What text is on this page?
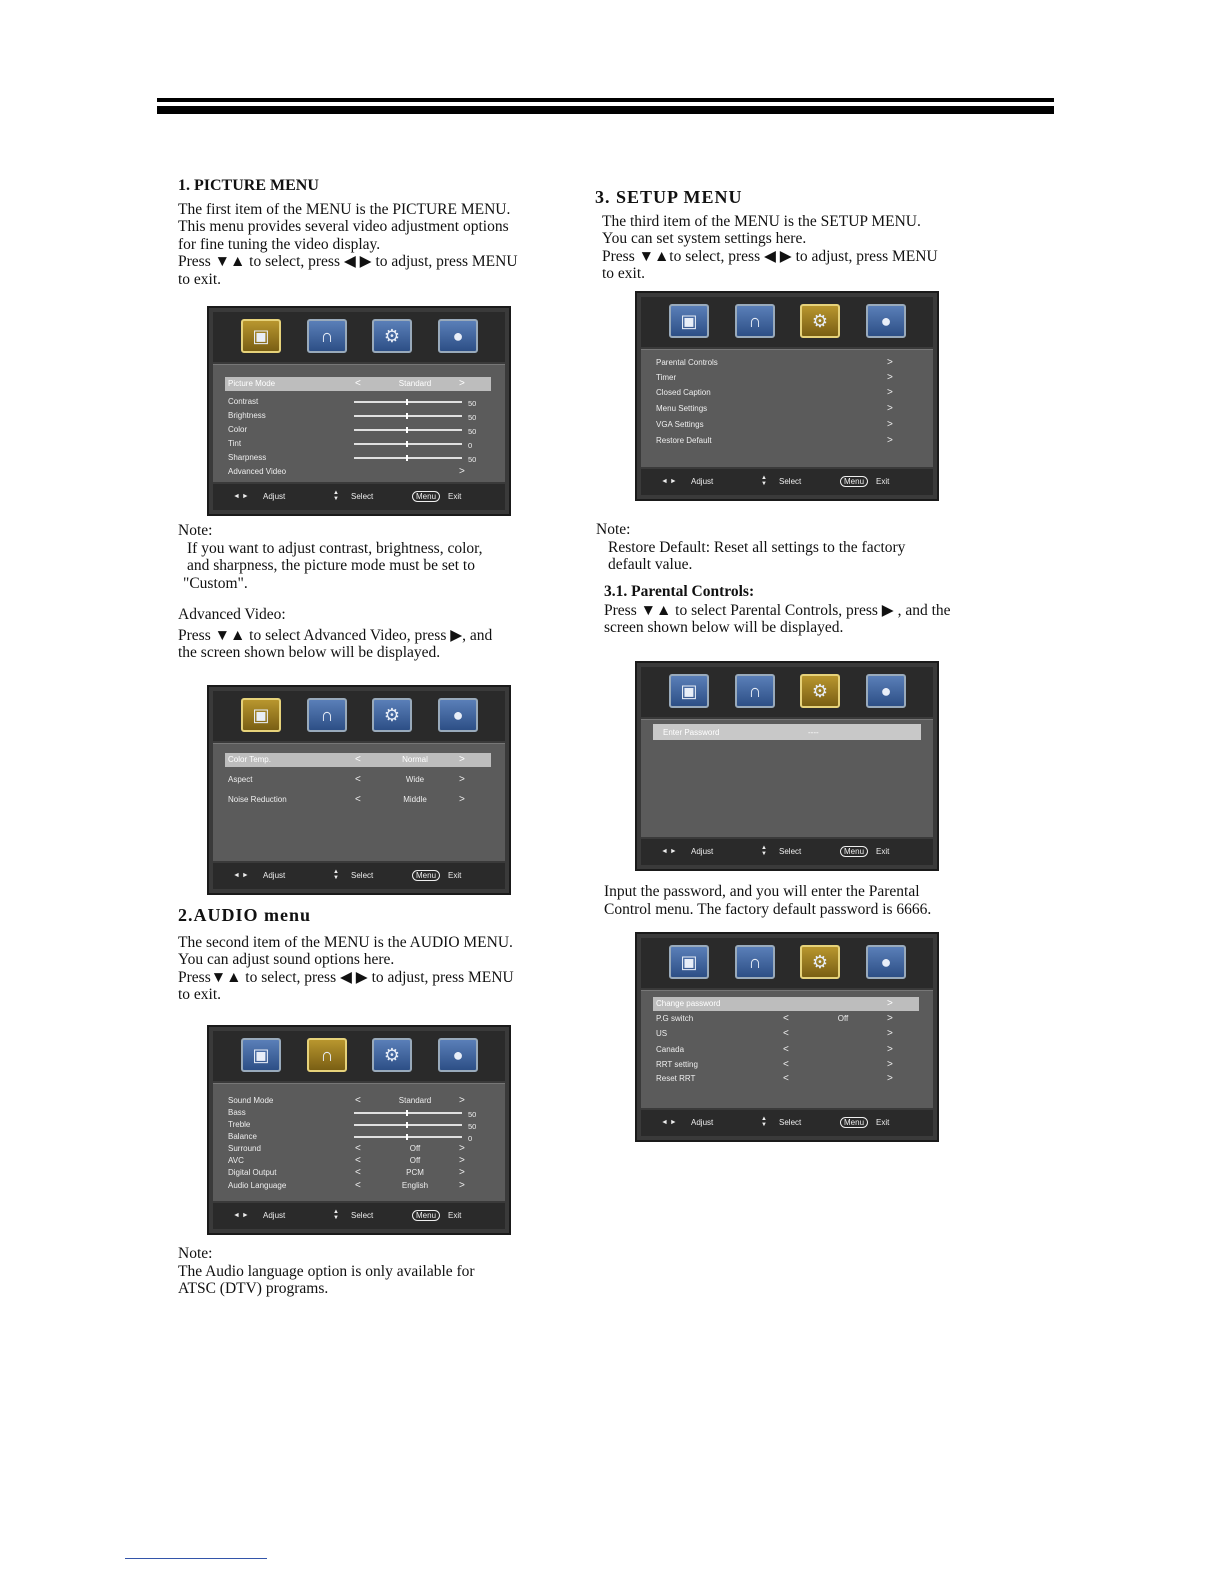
1. PICTURE MENU

The first item of the MENU is the PICTURE MENU.

This menu provides several video adjustment options

for fine tuning the video display.

Press ▼▲ to select, press ◀ ▶ to adjust, press MENU

to exit.

▣	∩	⚙	●
Picture Mode	<	Standard	>
Contrast	50
Brightness	50
Color	50
Tint	0
Sharpness	50
Advanced Video	>
◄ ► Adjust	▲▼ Select	Menu	Exit

Note:

If you want to adjust contrast, brightness, color,

and sharpness, the picture mode must be set to

"Custom".

Advanced Video:

Press ▼▲ to select Advanced Video, press ▶, and

the screen shown below will be displayed.

▣	∩	⚙	●
Color Temp.	<	Normal	>
Aspect	<	Wide	>
Noise Reduction	<	Middle	>
◄ ► Adjust	▲▼ Select	Menu	Exit

2.AUDIO menu

The second item of the MENU is the AUDIO MENU.

You can adjust sound options here.

Press▼▲ to select, press ◀ ▶ to adjust, press MENU

to exit.

▣	∩	⚙	●
Sound Mode	<	Standard	>
Bass	50
Treble	50
Balance	0
Surround	<	Off	>
AVC	<	Off	>
Digital Output	<	PCM	>
Audio Language	<	English	>
◄ ► Adjust	▲▼ Select	Menu	Exit

Note:

The Audio language option is only available for

ATSC (DTV) programs.

3. SETUP MENU

The third item of the MENU is the SETUP MENU.

You can set system settings here.

Press ▼▲to select, press ◀ ▶ to adjust, press MENU

to exit.

▣	∩	⚙	●
Parental Controls	>
Timer	>
Closed Caption	>
Menu Settings	>
VGA Settings	>
Restore Default	>
◄ ► Adjust	▲▼ Select	Menu	Exit

Note:

Restore Default: Reset all settings to the factory

default value.

3.1. Parental Controls:

Press ▼▲ to select Parental Controls, press ▶ , and the

screen shown below will be displayed.

▣	∩	⚙	●
Enter Password	----
◄ ► Adjust	▲▼ Select	Menu	Exit

Input the password, and you will enter the Parental

Control menu. The factory default password is 6666.

▣	∩	⚙	●
Change password	>
P.G switch	<	Off	>
US	<	>
Canada	<	>
RRT setting	<	>
Reset RRT	<	>
◄ ► Adjust	▲▼ Select	Menu	Exit
